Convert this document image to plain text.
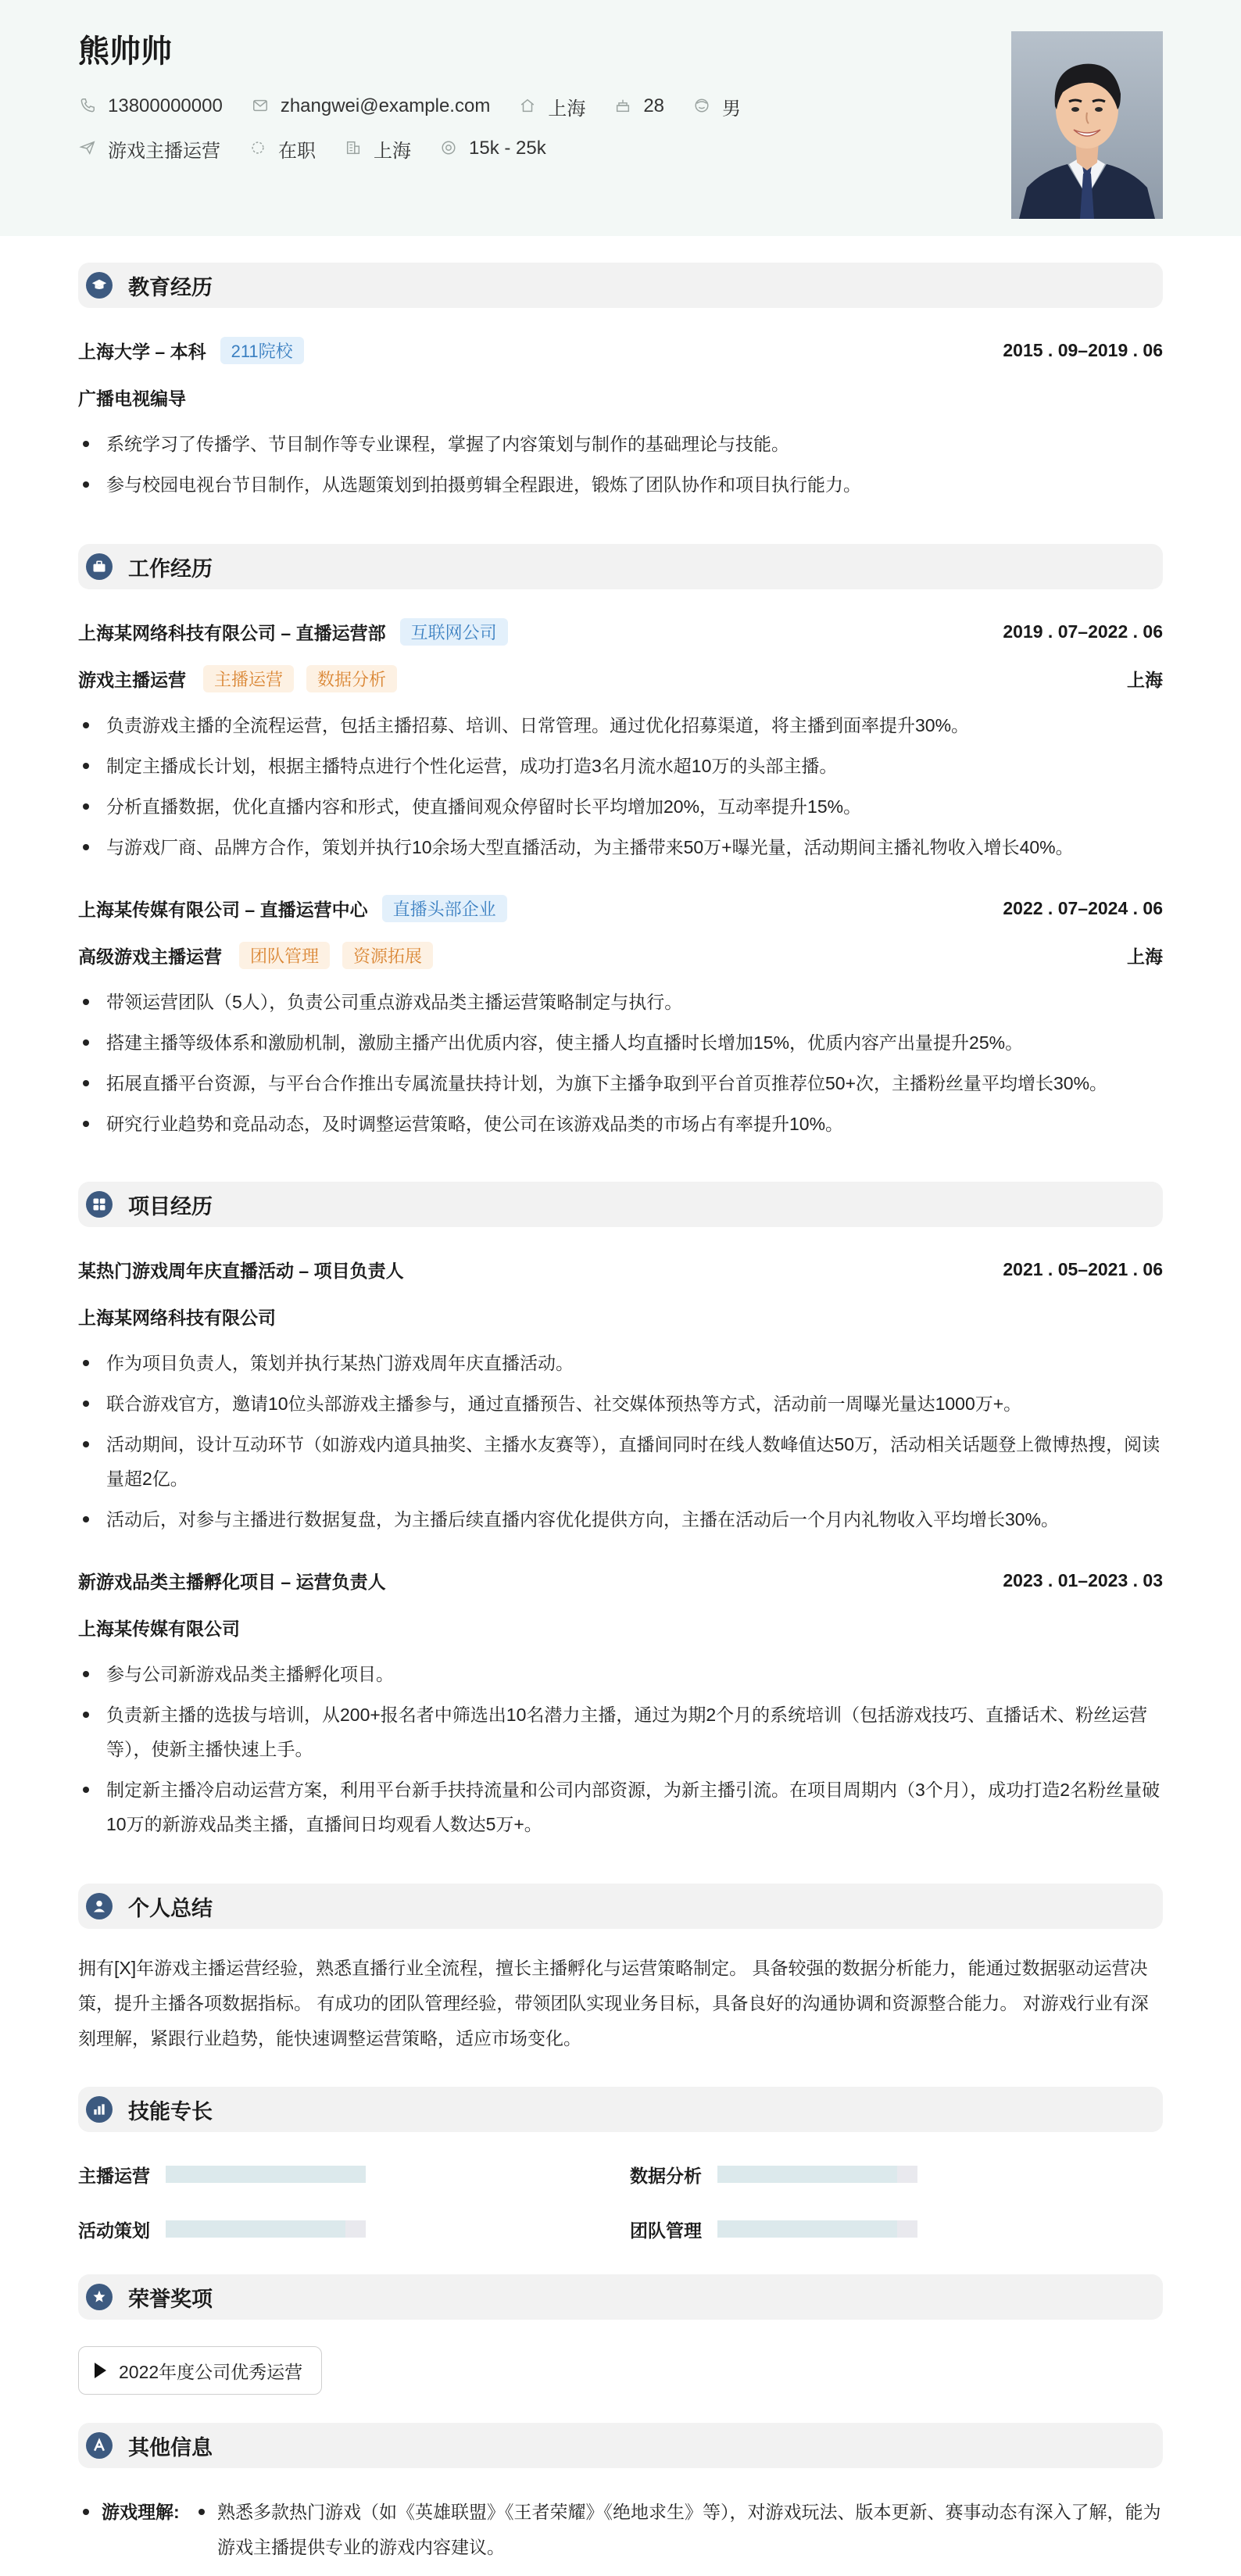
熊帅帅
13800000000	zhangwei@example.com	上海	28	男
游戏主播运营	在职	上海	15k - 25k
教育经历
上海大学 – 本科	211院校	2015 . 09–2019 . 06
广播电视编导
系统学习了传播学、节目制作等专业课程，掌握了内容策划与制作的基础理论与技能。
参与校园电视台节目制作，从选题策划到拍摄剪辑全程跟进，锻炼了团队协作和项目执行能力。
工作经历
上海某网络科技有限公司 – 直播运营部	互联网公司	2019 . 07–2022 . 06
游戏主播运营	主播运营	数据分析	上海
负责游戏主播的全流程运营，包括主播招募、培训、日常管理。通过优化招募渠道，将主播到面率提升30%。
制定主播成长计划，根据主播特点进行个性化运营，成功打造3名月流水超10万的头部主播。
分析直播数据，优化直播内容和形式，使直播间观众停留时长平均增加20%，互动率提升15%。
与游戏厂商、品牌方合作，策划并执行10余场大型直播活动，为主播带来50万+曝光量，活动期间主播礼物收入增长40%。
上海某传媒有限公司 – 直播运营中心	直播头部企业	2022 . 07–2024 . 06
高级游戏主播运营	团队管理	资源拓展	上海
带领运营团队（5人），负责公司重点游戏品类主播运营策略制定与执行。
搭建主播等级体系和激励机制，激励主播产出优质内容，使主播人均直播时长增加15%，优质内容产出量提升25%。
拓展直播平台资源，与平台合作推出专属流量扶持计划，为旗下主播争取到平台首页推荐位50+次，主播粉丝量平均增长30%。
研究行业趋势和竞品动态，及时调整运营策略，使公司在该游戏品类的市场占有率提升10%。
项目经历
某热门游戏周年庆直播活动 – 项目负责人	2021 . 05–2021 . 06
上海某网络科技有限公司
作为项目负责人，策划并执行某热门游戏周年庆直播活动。
联合游戏官方，邀请10位头部游戏主播参与，通过直播预告、社交媒体预热等方式，活动前一周曝光量达1000万+。
活动期间，设计互动环节（如游戏内道具抽奖、主播水友赛等），直播间同时在线人数峰值达50万，活动相关话题登上微博热搜，阅读量超2亿。
活动后，对参与主播进行数据复盘，为主播后续直播内容优化提供方向，主播在活动后一个月内礼物收入平均增长30%。
新游戏品类主播孵化项目 – 运营负责人	2023 . 01–2023 . 03
上海某传媒有限公司
参与公司新游戏品类主播孵化项目。
负责新主播的选拔与培训，从200+报名者中筛选出10名潜力主播，通过为期2个月的系统培训（包括游戏技巧、直播话术、粉丝运营等），使新主播快速上手。
制定新主播冷启动运营方案，利用平台新手扶持流量和公司内部资源，为新主播引流。在项目周期内（3个月），成功打造2名粉丝量破10万的新游戏品类主播，直播间日均观看人数达5万+。
个人总结
拥有[X]年游戏主播运营经验，熟悉直播行业全流程，擅长主播孵化与运营策略制定。 具备较强的数据分析能力，能通过数据驱动运营决策，提升主播各项数据指标。 有成功的团队管理经验，带领团队实现业务目标，具备良好的沟通协调和资源整合能力。 对游戏行业有深刻理解，紧跟行业趋势，能快速调整运营策略，适应市场变化。
技能专长
主播运营	数据分析
活动策划	团队管理
荣誉奖项
2022年度公司优秀运营
其他信息
游戏理解:	熟悉多款热门游戏（如《英雄联盟》《王者荣耀》《绝地求生》等），对游戏玩法、版本更新、赛事动态有深入了解，能为游戏主播提供专业的游戏内容建议。
